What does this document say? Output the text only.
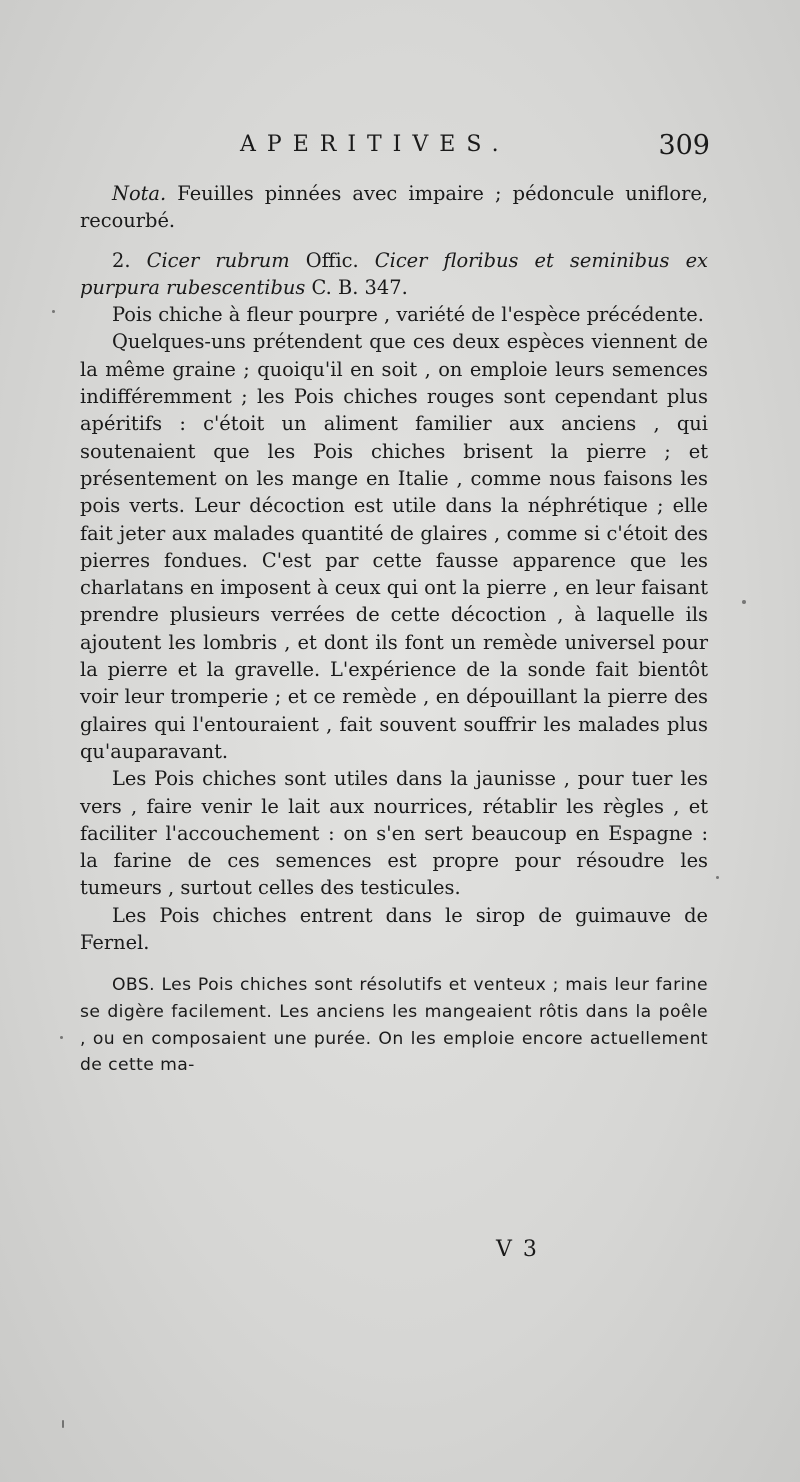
APERITIVES.	309

Nota. Feuilles pinnées avec impaire ; pédoncule uniflore, recourbé.

2. Cicer rubrum Offic. Cicer floribus et seminibus ex purpura rubescentibus C. B. 347.

Pois chiche à fleur pourpre , variété de l'espèce précédente.

Quelques-uns prétendent que ces deux espèces viennent de la même graine ; quoiqu'il en soit , on emploie leurs semences indifféremment ; les Pois chiches rouges sont cependant plus apéritifs : c'étoit un aliment familier aux anciens , qui soutenaient que les Pois chiches brisent la pierre ; et présentement on les mange en Italie , comme nous faisons les pois verts. Leur décoction est utile dans la néphrétique ; elle fait jeter aux malades quantité de glaires , comme si c'étoit des pierres fondues. C'est par cette fausse apparence que les charlatans en imposent à ceux qui ont la pierre , en leur faisant prendre plusieurs verrées de cette décoction , à laquelle ils ajoutent les lombris , et dont ils font un remède universel pour la pierre et la gravelle. L'expérience de la sonde fait bientôt voir leur tromperie ; et ce remède , en dépouillant la pierre des glaires qui l'entouraient , fait souvent souffrir les malades plus qu'auparavant.

Les Pois chiches sont utiles dans la jaunisse , pour tuer les vers , faire venir le lait aux nourrices, rétablir les règles , et faciliter l'accouchement : on s'en sert beaucoup en Espagne : la farine de ces semences est propre pour résoudre les tumeurs , surtout celles des testicules.

Les Pois chiches entrent dans le sirop de guimauve de Fernel.

OBS. Les Pois chiches sont résolutifs et venteux ; mais leur farine se digère facilement. Les anciens les mangeaient rôtis dans la poêle , ou en composaient une purée. On les emploie encore actuellement de cette ma-

V 3
